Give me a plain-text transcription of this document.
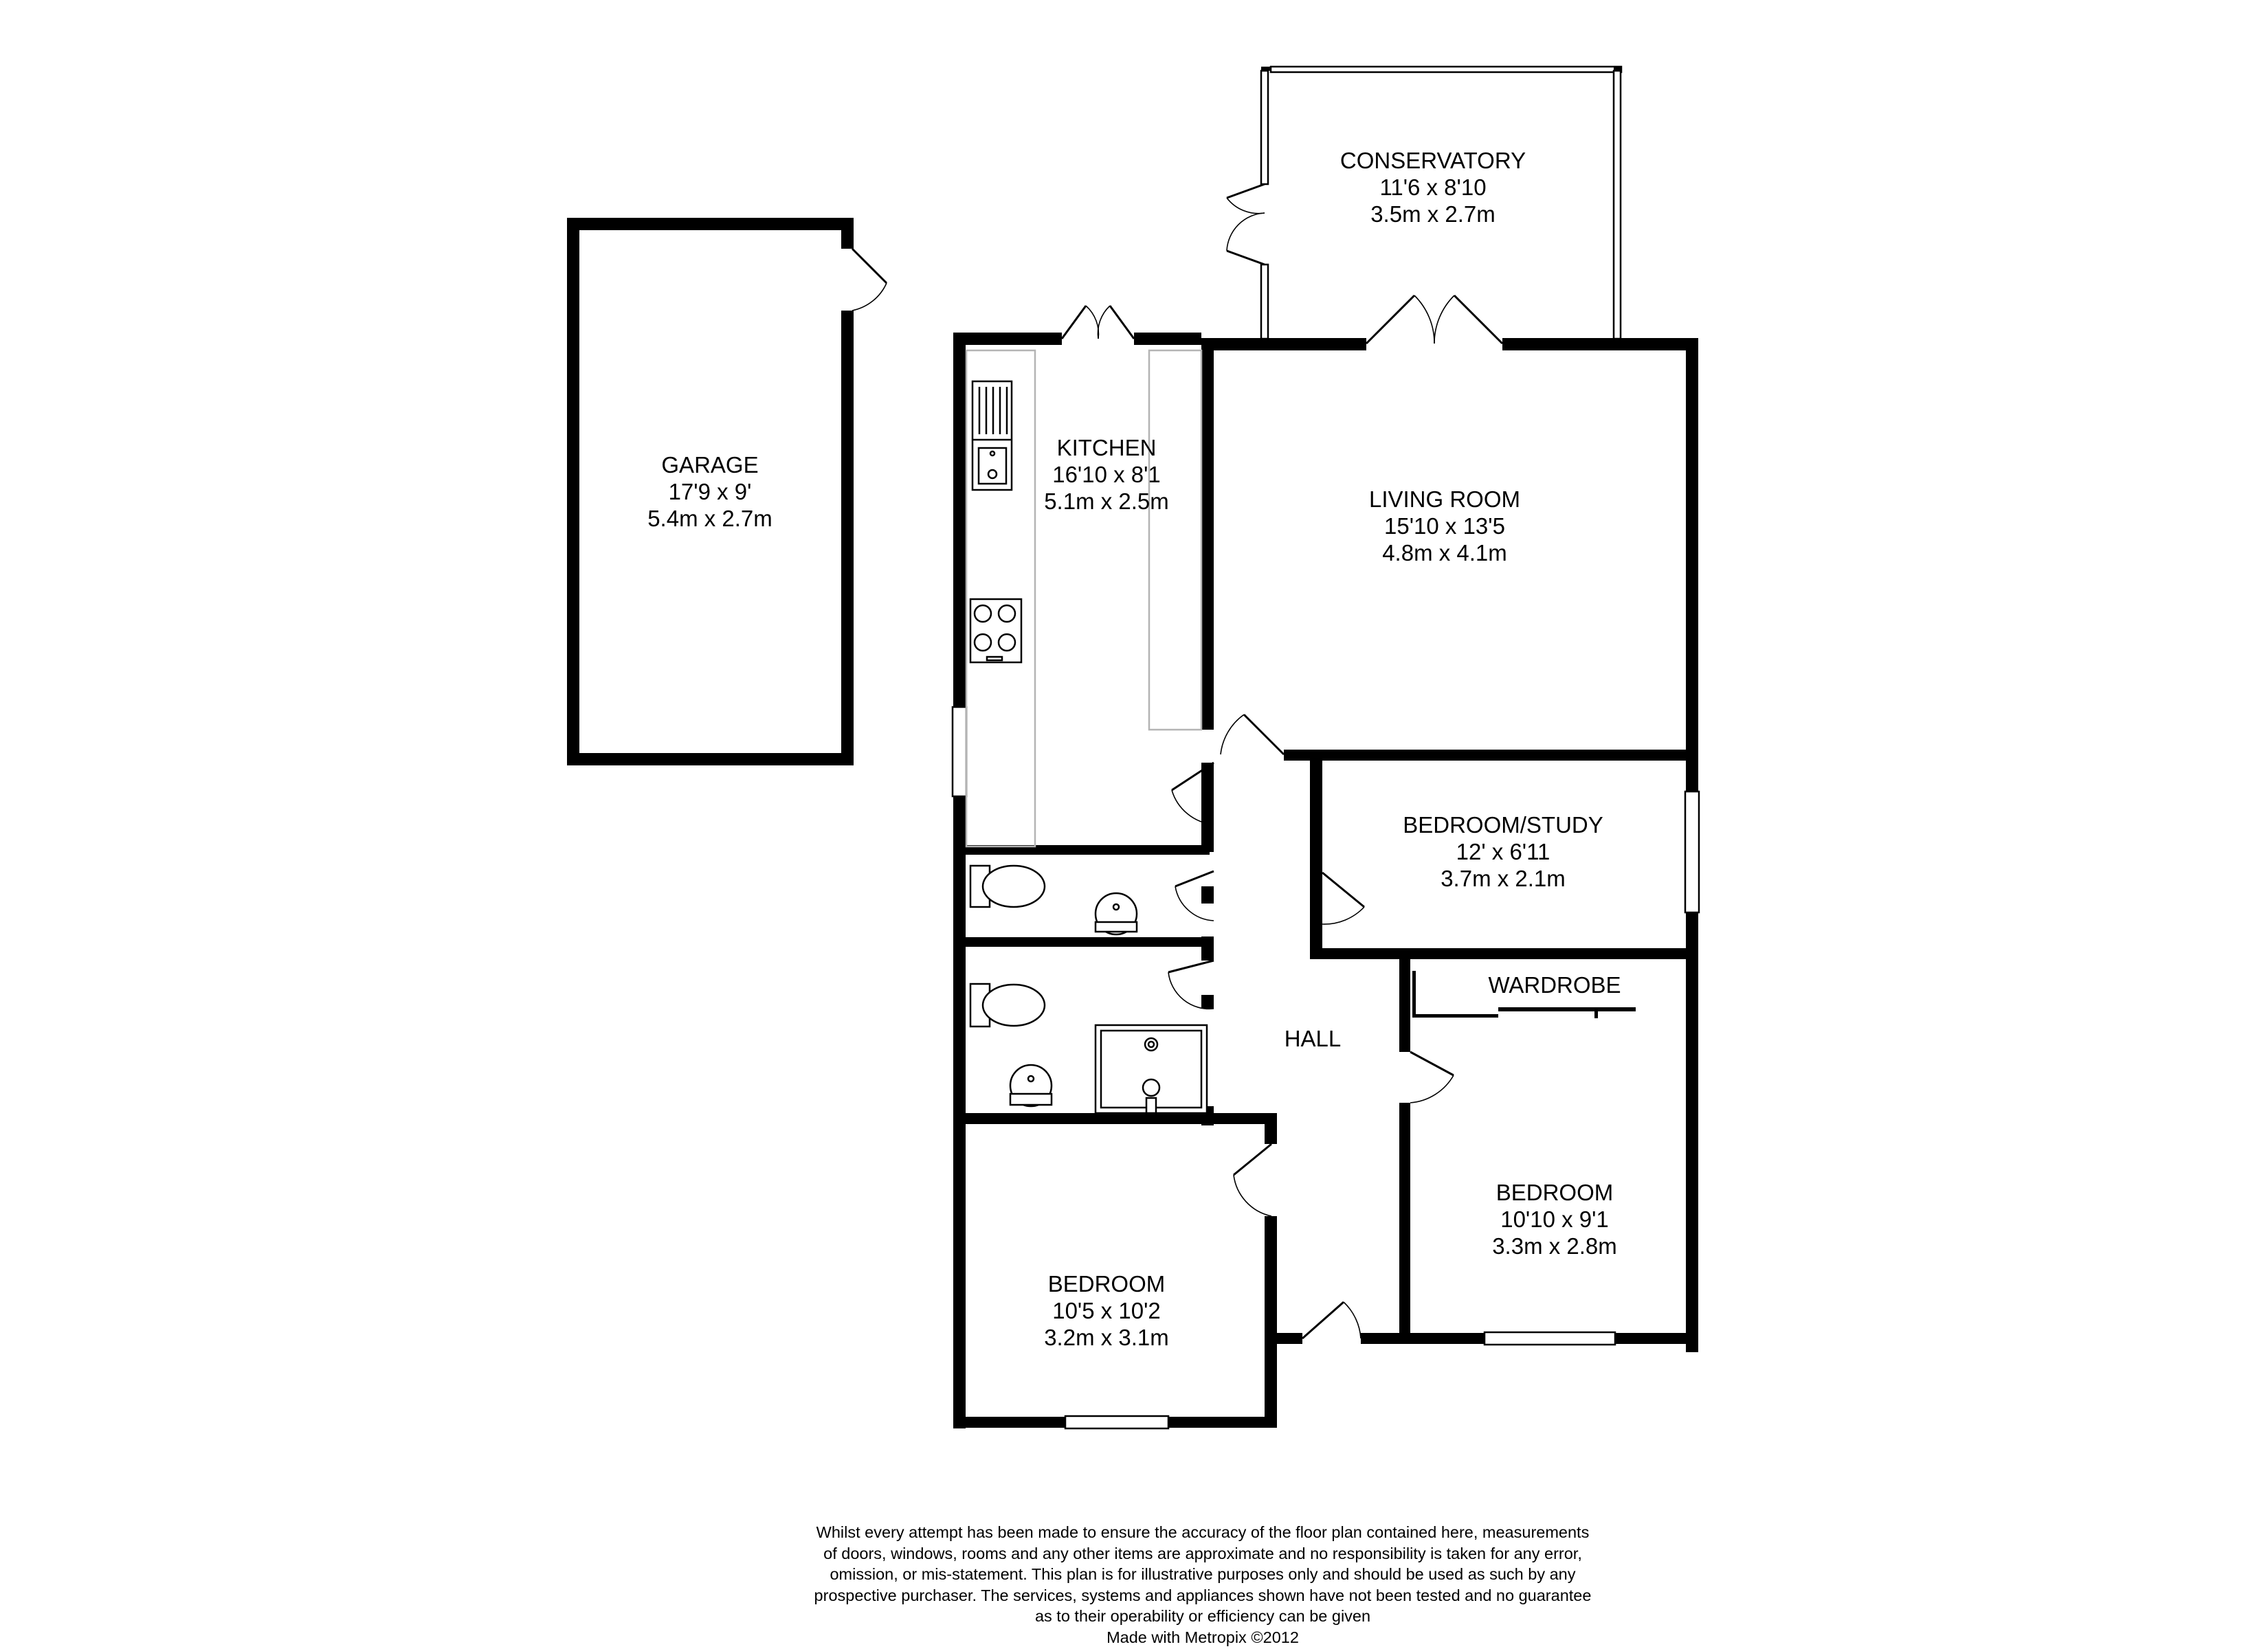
GARAGE
17'9 x 9'
5.4m x 2.7m
CONSERVATORY
11'6 x 8'10
3.5m x 2.7m
KITCHEN
16'10 x 8'1
5.1m x 2.5m	LIVING ROOM
15'10 x 13'5
4.8m x 4.1m
BEDROOM/STUDY
12' x 6'11
3.7m x 2.1m
WARDROBE
HALL
BEDROOM
10'10 x 9'1
3.3m x 2.8m
BEDROOM
10'5 x 10'2
3.2m x 3.1m
Whilst every attempt has been made to ensure the accuracy of the floor plan contained here, measurements
of doors, windows, rooms and any other items are approximate and no responsibility is taken for any error,
omission, or mis-statement. This plan is for illustrative purposes only and should be used as such by any
prospective purchaser. The services, systems and appliances shown have not been tested and no guarantee
as to their operability or efficiency can be given
Made with Metropix ©2012
